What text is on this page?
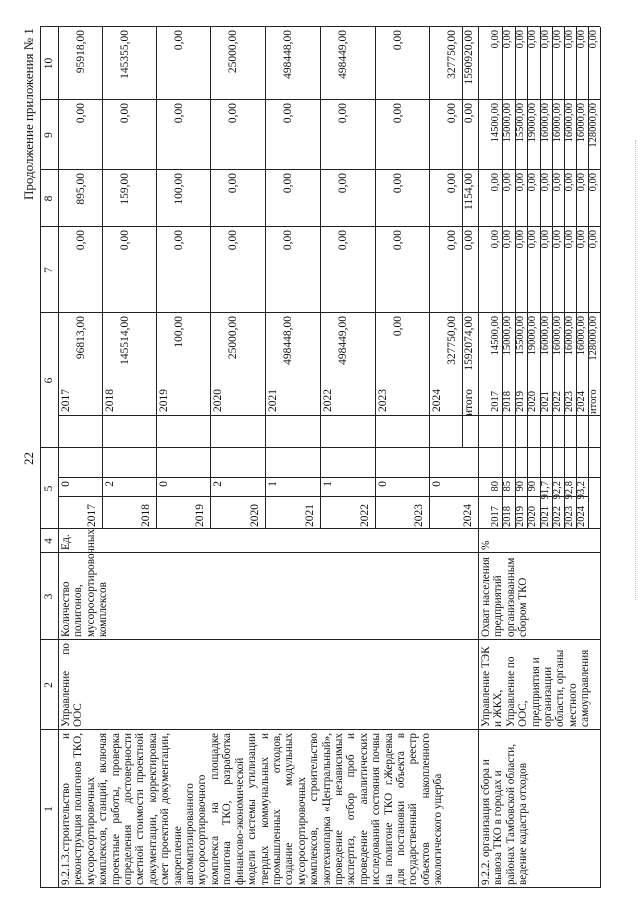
22
Продолжение приложения № 1
1
2
3
4
5
6
7
8
9
10
9.2.1.3.строительство и реконструкция полигонов ТКО, мусоросортировочных комплексов, станций, включая проектные работы, проверка определения достоверности сметной стоимости проектной документации, корректировка смет проектной документации, закрепление автоматизированного мусоросортировочного комплекса на площадке полигона ТКО, разработка финансово-экономической модели системы утилизации твердых коммунальных и промышленных отходов, создание модульных мусоросортировочных комплексов, строительство экотехнопарка «Центральный», проведение независимых экспертиз, отбор проб и проведение аналитических исследований состояния почвы на полигоне ТКО г.Жердевка для постановки объекта в государственный реестр объектов накопленного экологического ущерба
Управление по ООС
Количество полигонов, мусоросортировочных комплексов
Ед.
2017
0
2017
96813,00
0,00
895,00
0,00
95918,00
2018
2
2018
145514,00
0,00
159,00
0,00
145355,00
2019
0
2019
100,00
0,00
100,00
0,00
0,00
2020
2
2020
25000,00
0,00
0,00
0,00
25000,00
2021
1
2021
498448,00
0,00
0,00
0,00
498448,00
2022
1
2022
498449,00
0,00
0,00
0,00
498449,00
2023
0
2023
0,00
0,00
0,00
0,00
0,00
2024
0
2024
327750,00
0,00
0,00
0,00
327750,00
итого
9.2.2. организация сбора и вывоза ТКО в городах и районах Тамбовской области, ведение кадастра отходов
Управление ТЭК и ЖКХ, Управление по ООС, предприятия и организации области, органы местного самоуправления
Охват населения предприятий организованным сбором ТКО
%
2017
80
2017
14500,00
0,00
0,00
14500,00
0,00
2018
85
2018
15000,00
0,00
0,00
15000,00
0,00
2019
90
2019
15500,00
0,00
0,00
15500,00
0,00
2020
90
2020
19000,00
0,00
0,00
19000,00
0,00
2021
91,7
2021
16000,00
0,00
0,00
16000,00
0,00
2022
92,2
2022
16000,00
0,00
0,00
16000,00
0,00
2023
92,8
2023
16000,00
0,00
0,00
16000,00
0,00
2024
93,2
2024
16000,00
0,00
0,00
16000,00
0,00
итого
128000,00
0,00
0,00
128000,00
0,00
1592074,00
0,00
1154,00
0,00
1590920,00
